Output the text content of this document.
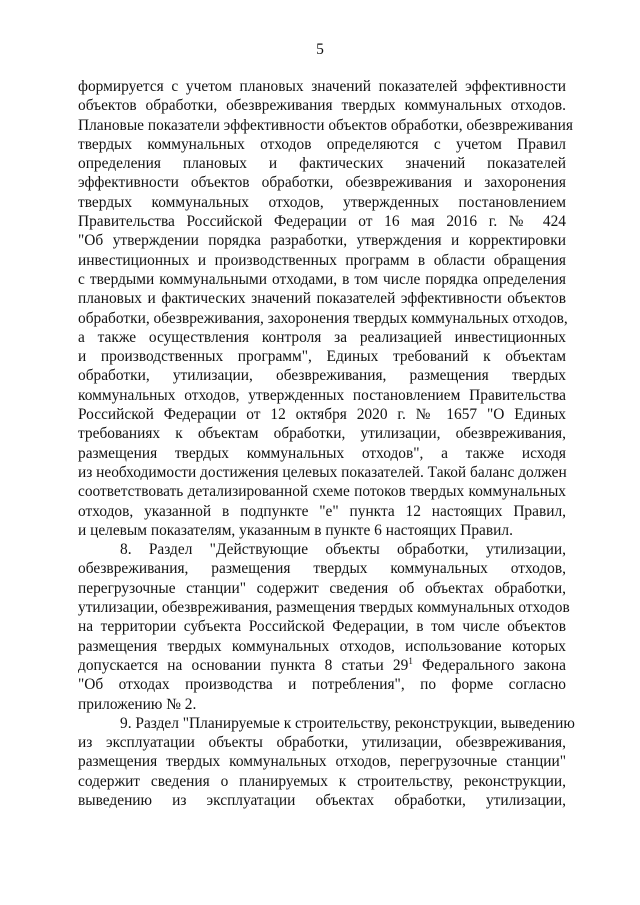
5
формируется с учетом плановых значений показателей эффективности
объектов обработки, обезвреживания твердых коммунальных отходов.
Плановые показатели эффективности объектов обработки, обезвреживания
твердых коммунальных отходов определяются с учетом Правил
определения плановых и фактических значений показателей
эффективности объектов обработки, обезвреживания и захоронения
твердых коммунальных отходов, утвержденных постановлением
Правительства Российской Федерации от 16 мая 2016 г. № 424
"Об утверждении порядка разработки, утверждения и корректировки
инвестиционных и производственных программ в области обращения
с твердыми коммунальными отходами, в том числе порядка определения
плановых и фактических значений показателей эффективности объектов
обработки, обезвреживания, захоронения твердых коммунальных отходов,
а также осуществления контроля за реализацией инвестиционных
и производственных программ", Единых требований к объектам
обработки, утилизации, обезвреживания, размещения твердых
коммунальных отходов, утвержденных постановлением Правительства
Российской Федерации от 12 октября 2020 г. № 1657 "О Единых
требованиях к объектам обработки, утилизации, обезвреживания,
размещения твердых коммунальных отходов", а также исходя
из необходимости достижения целевых показателей. Такой баланс должен
соответствовать детализированной схеме потоков твердых коммунальных
отходов, указанной в подпункте "е" пункта 12 настоящих Правил,
и целевым показателям, указанным в пункте 6 настоящих Правил.
8. Раздел "Действующие объекты обработки, утилизации,
обезвреживания, размещения твердых коммунальных отходов,
перегрузочные станции" содержит сведения об объектах обработки,
утилизации, обезвреживания, размещения твердых коммунальных отходов
на территории субъекта Российской Федерации, в том числе объектов
размещения твердых коммунальных отходов, использование которых
допускается на основании пункта 8 статьи $29^1$ Федерального закона
"Об отходах производства и потребления", по форме согласно
приложению № 2.
9. Раздел "Планируемые к строительству, реконструкции, выведению
из эксплуатации объекты обработки, утилизации, обезвреживания,
размещения твердых коммунальных отходов, перегрузочные станции"
содержит сведения о планируемых к строительству, реконструкции,
выведению из эксплуатации объектах обработки, утилизации,
